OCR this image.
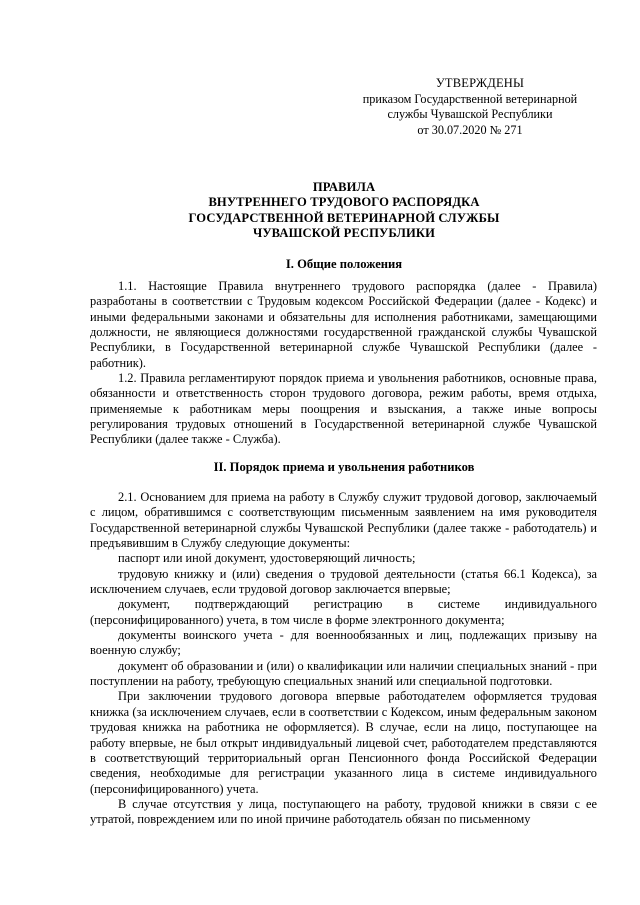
УТВЕРЖДЕНЫ
приказом Государственной ветеринарной
службы Чувашской Республики
от 30.07.2020 № 271
ПРАВИЛА
ВНУТРЕННЕГО ТРУДОВОГО РАСПОРЯДКА
ГОСУДАРСТВЕННОЙ ВЕТЕРИНАРНОЙ СЛУЖБЫ
ЧУВАШСКОЙ РЕСПУБЛИКИ
I. Общие положения

1.1. Настоящие Правила внутреннего трудового распорядка (далее - Правила) разработаны в соответствии с Трудовым кодексом Российской Федерации (далее - Кодекс) и иными федеральными законами и обязательны для исполнения работниками, замещающими должности, не являющиеся должностями государственной гражданской службы Чувашской Республики, в Государственной ветеринарной службе Чувашской Республики (далее - работник).

1.2. Правила регламентируют порядок приема и увольнения работников, основные права, обязанности и ответственность сторон трудового договора, режим работы, время отдыха, применяемые к работникам меры поощрения и взыскания, а также иные вопросы регулирования трудовых отношений в Государственной ветеринарной службе Чувашской Республики (далее также - Служба).

II. Порядок приема и увольнения работников

2.1. Основанием для приема на работу в Службу служит трудовой договор, заключаемый с лицом, обратившимся с соответствующим письменным заявлением на имя руководителя Государственной ветеринарной службы Чувашской Республики (далее также - работодатель) и предъявившим в Службу следующие документы:

паспорт или иной документ, удостоверяющий личность;

трудовую книжку и (или) сведения о трудовой деятельности (статья 66.1 Кодекса), за исключением случаев, если трудовой договор заключается впервые;

документ, подтверждающий регистрацию в системе индивидуального (персонифицированного) учета, в том числе в форме электронного документа;

документы воинского учета - для военнообязанных и лиц, подлежащих призыву на военную службу;

документ об образовании и (или) о квалификации или наличии специальных знаний - при поступлении на работу, требующую специальных знаний или специальной подготовки.

При заключении трудового договора впервые работодателем оформляется трудовая книжка (за исключением случаев, если в соответствии с Кодексом, иным федеральным законом трудовая книжка на работника не оформляется). В случае, если на лицо, поступающее на работу впервые, не был открыт индивидуальный лицевой счет, работодателем представляются в соответствующий территориальный орган Пенсионного фонда Российской Федерации сведения, необходимые для регистрации указанного лица в системе индивидуального (персонифицированного) учета.

В случае отсутствия у лица, поступающего на работу, трудовой книжки в связи с ее утратой, повреждением или по иной причине работодатель обязан по письменному
